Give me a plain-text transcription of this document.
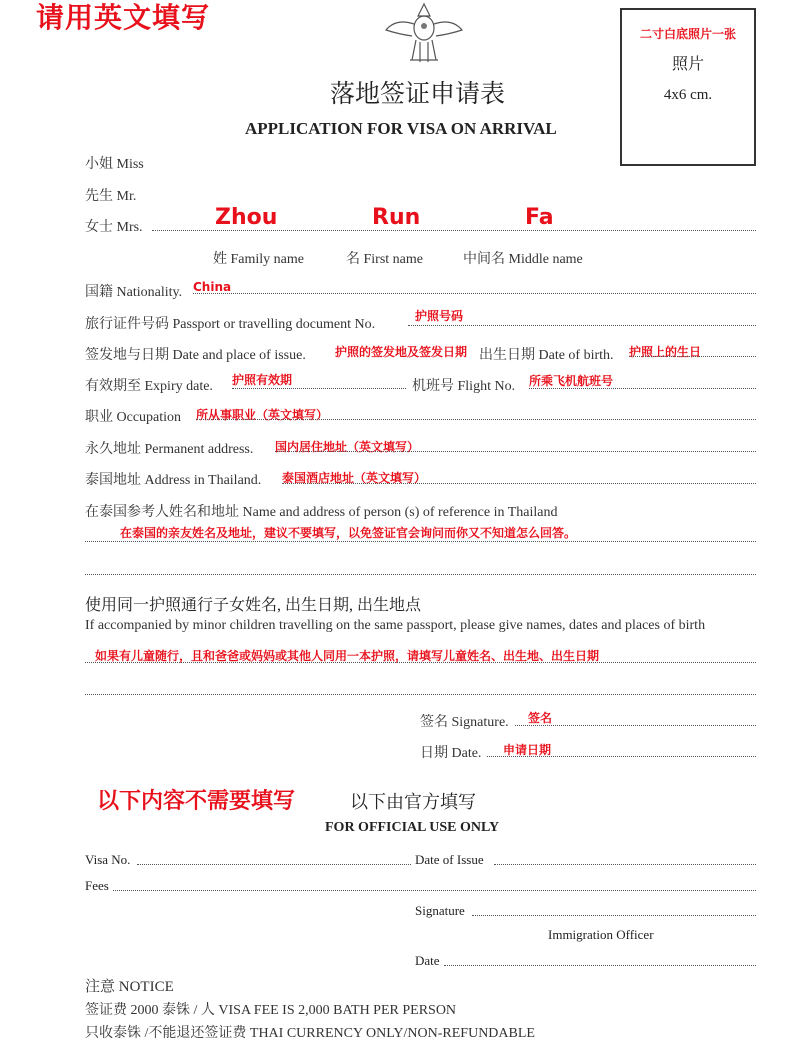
请用英文填写	二寸白底照片一张
照片
4x6 cm.
落地签证申请表
APPLICATION FOR VISA ON ARRIVAL
小姐 Miss
先生 Mr.
女士 Mrs.	Zhou	Run	Fa
姓 Family name	名 First name	中间名 Middle name
国籍 Nationality. China
旅行证件号码 Passport or travelling document No.
护照号码
签发地与日期 Date and place of issue. 护照的签发地及签发日期 出生日期 Date of birth. 护照上的生日
有效期至 Expiry date. 护照有效期	机班号 Flight No. 所乘飞机航班号
职业 Occupation 所从事职业（英文填写）
永久地址 Permanent address. 国内居住地址（英文填写）
泰国地址 Address in Thailand. 泰国酒店地址（英文填写）
在泰国参考人姓名和地址 Name and address of person (s) of reference in Thailand
在泰国的亲友姓名及地址，建议不要填写，以免签证官会询问而你又不知道怎么回答。
使用同一护照通行子女姓名, 出生日期, 出生地点
If accompanied by minor children travelling on the same passport, please give names, dates and places of birth
如果有儿童随行，且和爸爸或妈妈或其他人同用一本护照，请填写儿童姓名、出生地、出生日期
签名 Signature. 签名
日期 Date. 申请日期
以下内容不需要填写	以下由官方填写
FOR OFFICIAL USE ONLY
Visa No.	Date of Issue
Fees
Signature
Immigration Officer
Date
注意 NOTICE
签证费 2000 泰铢 / 人 VISA FEE IS 2,000 BATH PER PERSON
只收泰铢 /不能退还签证费 THAI CURRENCY ONLY/NON-REFUNDABLE
